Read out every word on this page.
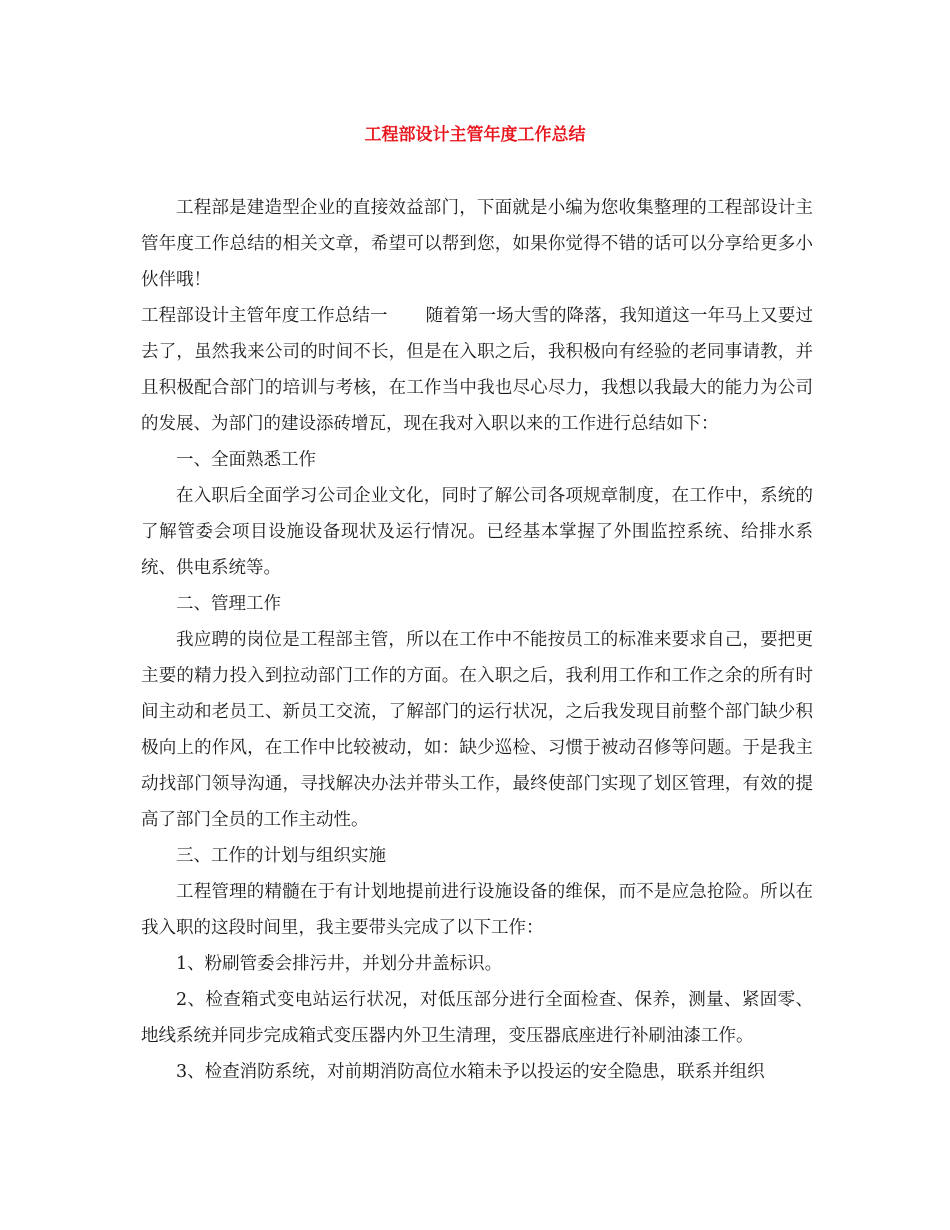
工程部设计主管年度工作总结

工程部是建造型企业的直接效益部门，下面就是小编为您收集整理的工程部设计主管年度工作总结的相关文章，希望可以帮到您，如果你觉得不错的话可以分享给更多小伙伴哦！

工程部设计主管年度工作总结一 随着第一场大雪的降落，我知道这一年马上又要过去了，虽然我来公司的时间不长，但是在入职之后，我积极向有经验的老同事请教，并且积极配合部门的培训与考核，在工作当中我也尽心尽力，我想以我最大的能力为公司的发展、为部门的建设添砖增瓦，现在我对入职以来的工作进行总结如下：

一、全面熟悉工作

在入职后全面学习公司企业文化，同时了解公司各项规章制度，在工作中，系统的了解管委会项目设施设备现状及运行情况。已经基本掌握了外围监控系统、给排水系统、供电系统等。

二、管理工作

我应聘的岗位是工程部主管，所以在工作中不能按员工的标准来要求自己，要把更主要的精力投入到拉动部门工作的方面。在入职之后，我利用工作和工作之余的所有时间主动和老员工、新员工交流，了解部门的运行状况，之后我发现目前整个部门缺少积极向上的作风，在工作中比较被动，如：缺少巡检、习惯于被动召修等问题。于是我主动找部门领导沟通，寻找解决办法并带头工作，最终使部门实现了划区管理，有效的提高了部门全员的工作主动性。

三、工作的计划与组织实施

工程管理的精髓在于有计划地提前进行设施设备的维保，而不是应急抢险。所以在我入职的这段时间里，我主要带头完成了以下工作：

1、粉刷管委会排污井，并划分井盖标识。

2、检查箱式变电站运行状况，对低压部分进行全面检查、保养，测量、紧固零、地线系统并同步完成箱式变压器内外卫生清理，变压器底座进行补刷油漆工作。

3、检查消防系统，对前期消防高位水箱未予以投运的安全隐患，联系并组织
